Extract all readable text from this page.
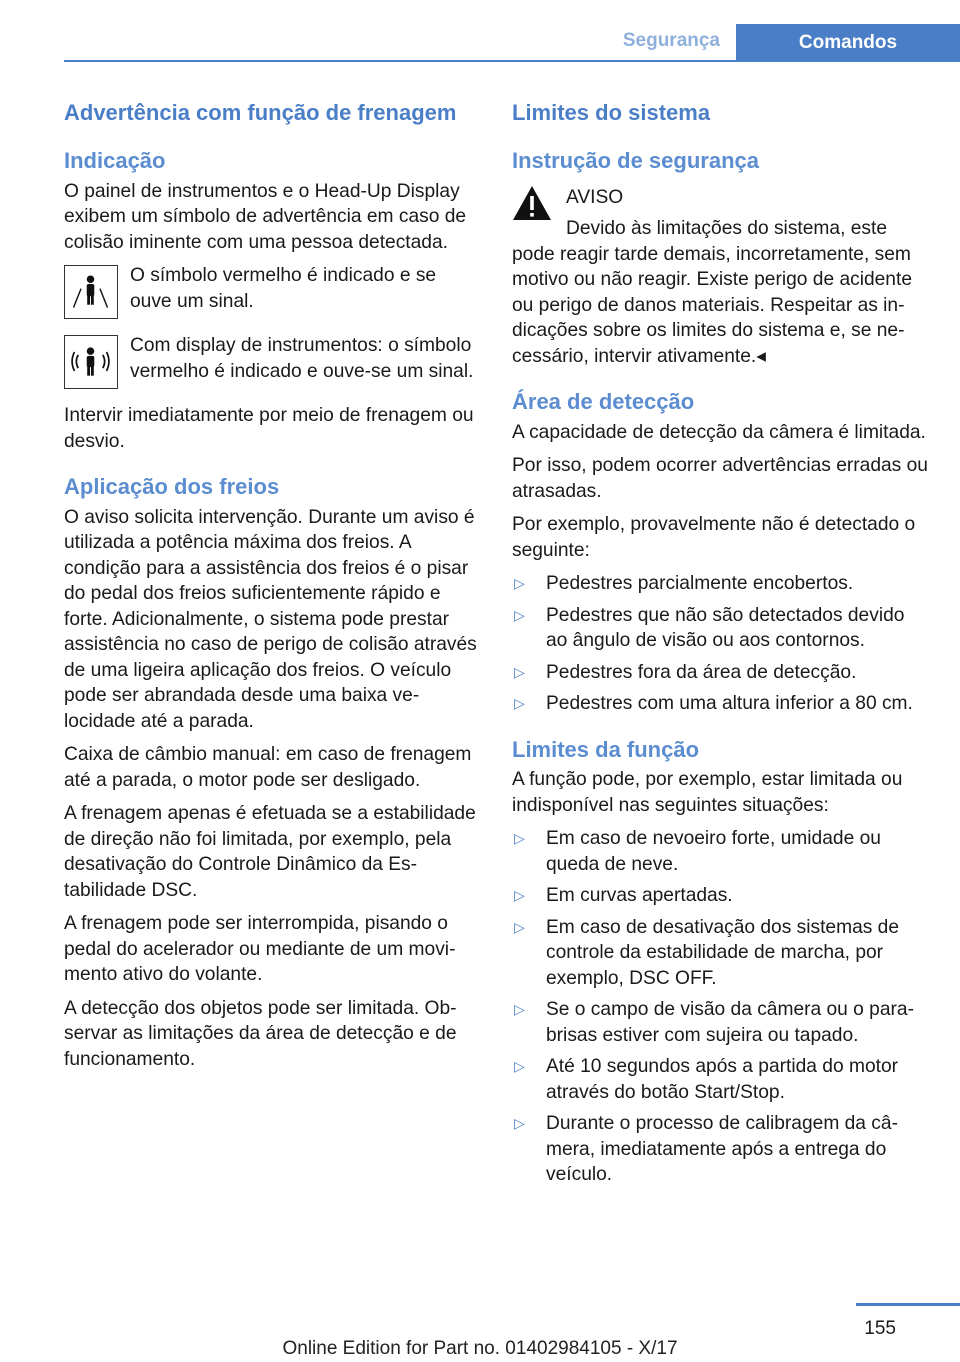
Segurança	Comandos
Advertência com função de frenagem
Indicação

O painel de instrumentos e o Head-Up Display exibem um símbolo de advertência em caso de colisão iminente com uma pessoa detectada.

O símbolo vermelho é indicado e se ouve um sinal.

Com display de instrumentos: o símbolo vermelho é indicado e ouve-se um sinal.

Intervir imediatamente por meio de frenagem ou desvio.

Aplicação dos freios

O aviso solicita intervenção. Durante um aviso é utilizada a potência máxima dos freios. A condição para a assistência dos freios é o pisar do pedal dos freios suficientemente rápido e forte. Adicionalmente, o sistema pode prestar assistência no caso de perigo de colisão através de uma ligeira aplicação dos freios. O veículo pode ser abrandada desde uma baixa velocidade até a parada.

Caixa de câmbio manual: em caso de frenagem até a parada, o motor pode ser desligado.

A frenagem apenas é efetuada se a estabilidade de direção não foi limitada, por exemplo, pela desativação do Controle Dinâmico da Estabilidade DSC.

A frenagem pode ser interrompida, pisando o pedal do acelerador ou mediante de um movimento ativo do volante.

A detecção dos objetos pode ser limitada. Observar as limitações da área de detecção e de funcionamento.

Limites do sistema
Instrução de segurança
AVISO
Devido às limitações do sistema, este

pode reagir tarde demais, incorretamente, sem motivo ou não reagir. Existe perigo de acidente ou perigo de danos materiais. Respeitar as indicações sobre os limites do sistema e, se necessário, intervir ativamente.◂

Área de detecção

A capacidade de detecção da câmera é limitada.

Por isso, podem ocorrer advertências erradas ou atrasadas.

Por exemplo, provavelmente não é detectado o seguinte:

▷ Pedestres parcialmente encobertos.
▷ Pedestres que não são detectados devido ao ângulo de visão ou aos contornos.
▷ Pedestres fora da área de detecção.
▷ Pedestres com uma altura inferior a 80 cm.
Limites da função

A função pode, por exemplo, estar limitada ou indisponível nas seguintes situações:

▷ Em caso de nevoeiro forte, umidade ou queda de neve.
▷ Em curvas apertadas.
▷ Em caso de desativação dos sistemas de controle da estabilidade de marcha, por exemplo, DSC OFF.
▷ Se o campo de visão da câmera ou o para-brisas estiver com sujeira ou tapado.
▷ Até 10 segundos após a partida do motor através do botão Start/Stop.
▷ Durante o processo de calibragem da câmera, imediatamente após a entrega do veículo.
155
Online Edition for Part no. 01402984105 - X/17
